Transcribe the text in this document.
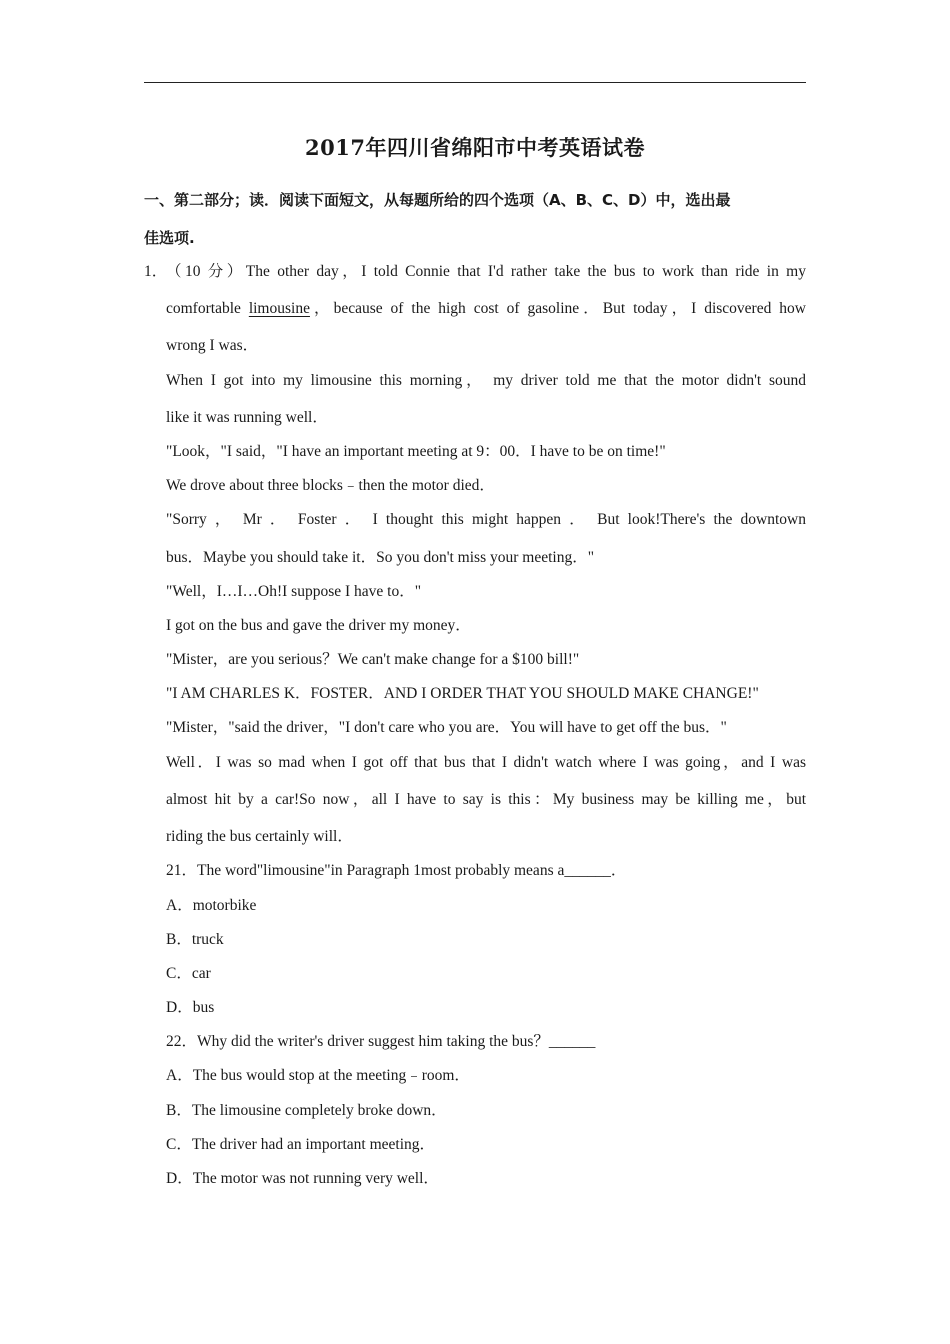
2017年四川省绵阳市中考英语试卷
一、第二部分；读．阅读下面短文，从每题所给的四个选项（A、B、C、D）中，选出最
佳选项.
1．
（10 分）The other day，I told Connie that I'd rather take the bus to work than ride in my
comfortable limousine，because of the high cost of gasoline．But today，I discovered how
wrong I was．
When I got into my limousine this morning， my driver told me that the motor didn't sound
like it was running well．
"Look，"I said，"I have an important meeting at 9：00．I have to be on time!"
We drove about three blocks﹣then the motor died．
"Sorry ， Mr ． Foster ． I thought this might happen ． But look!There's the downtown
bus．Maybe you should take it．So you don't miss your meeting．"
"Well，I…I…Oh!I suppose I have to．"
I got on the bus and gave the driver my money．
"Mister，are you serious？We can't make change for a $100 bill!"
"I AM CHARLES K．FOSTER．AND I ORDER THAT YOU SHOULD MAKE CHANGE!"
"Mister，"said the driver，"I don't care who you are．You will have to get off the bus．"
Well．I was so mad when I got off that bus that I didn't watch where I was going，and I was
almost hit by a car!So now，all I have to say is this：My business may be killing me，but
riding the bus certainly will．
21．The word"limousine"in Paragraph 1most probably means a______．
A．motorbike
B．truck
C．car
D．bus
22．Why did the writer's driver suggest him taking the bus？______
A．The bus would stop at the meeting﹣room．
B．The limousine completely broke down．
C．The driver had an important meeting．
D．The motor was not running very well．
